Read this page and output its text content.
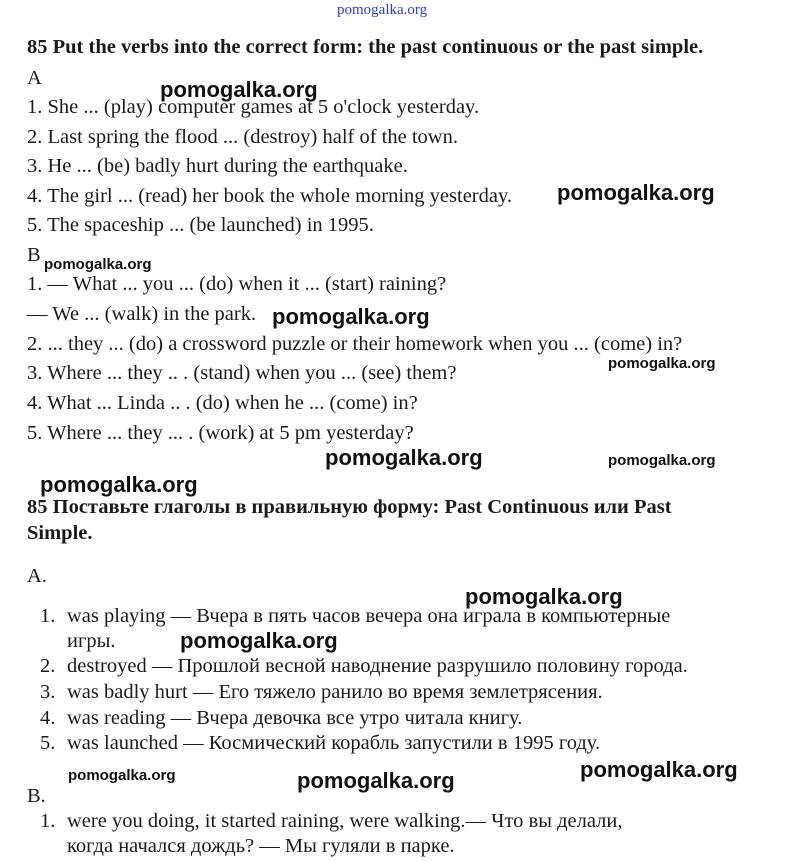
pomogalka.org
85 Put the verbs into the correct form: the past continuous or the past simple.
A
1. She ... (play) computer games at 5 o'clock yesterday.
2. Last spring the flood ... (destroy) half of the town.
3. He ... (be) badly hurt during the earthquake.
4. The girl ... (read) her book the whole morning yesterday.
5. The spaceship ... (be launched) in 1995.
B
1. — What ... you ... (do) when it ... (start) raining?
— We ... (walk) in the park.
2. ... they ... (do) a crossword puzzle or their homework when you ... (come) in?
3. Where ... they .. . (stand) when you ... (see) them?
4. What ... Linda .. . (do) when he ... (come) in?
5. Where ... they ... . (work) at 5 pm yesterday?
85 Поставьте глаголы в правильную форму: Past Continuous или Past
Simple.
A.
1. was playing — Вчера в пять часов вечера она играла в компьютерные
игры.
2. destroyed — Прошлой весной наводнение разрушило половину города.
3. was badly hurt — Его тяжело ранило во время землетрясения.
4. was reading — Вчера девочка все утро читала книгу.
5. was launched — Космический корабль запустили в 1995 году.
B.
1. were you doing, it started raining, were walking.— Что вы делали,
когда начался дождь? — Мы гуляли в парке.
pomogalka.org
pomogalka.org
pomogalka.org
pomogalka.org
pomogalka.org
pomogalka.org	pomogalka.org
pomogalka.org
pomogalka.org
pomogalka.org
pomogalka.org	pomogalka.org	pomogalka.org
